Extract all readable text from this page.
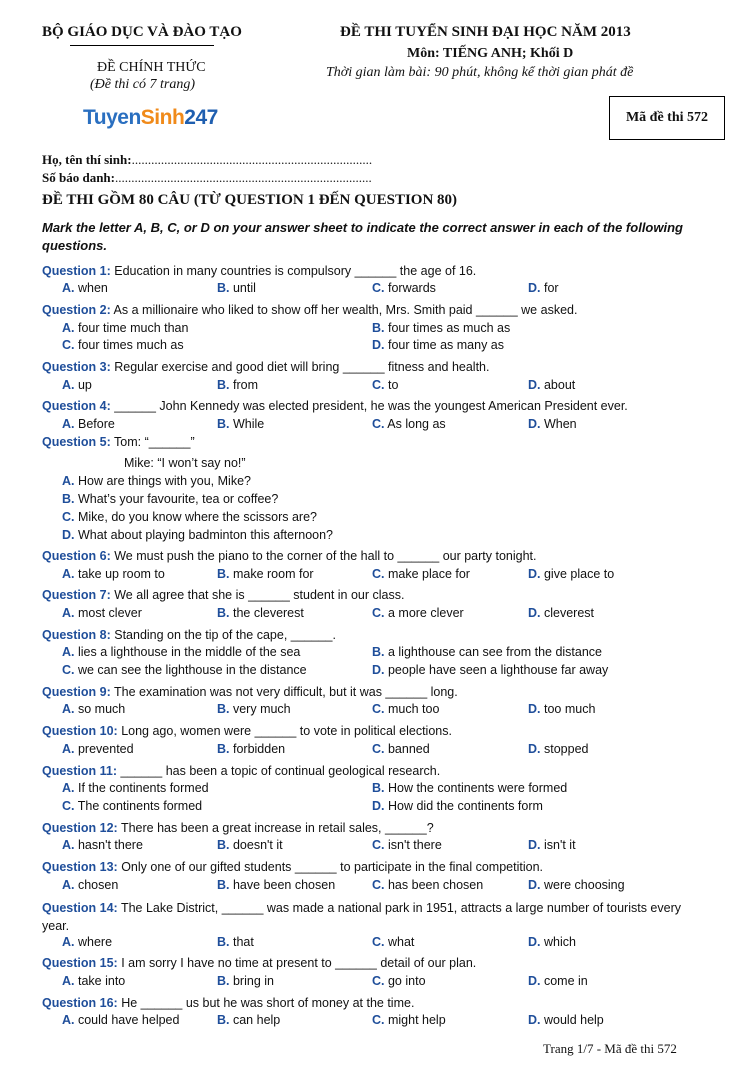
BỘ GIÁO DỤC VÀ ĐÀO TẠO
ĐỀ CHÍNH THỨC
(Đề thi có 7 trang)
TuyenSinh247
ĐỀ THI TUYỂN SINH ĐẠI HỌC NĂM 2013
Môn: TIẾNG ANH; Khối D
Thời gian làm bài: 90 phút, không kể thời gian phát đề
Mã đề thi 572
Họ, tên thí sinh:..........................................................................
Số báo danh:...............................................................................
ĐỀ THI GỒM 80 CÂU (TỪ QUESTION 1 ĐẾN QUESTION 80)
Mark the letter A, B, C, or D on your answer sheet to indicate the correct answer in each of the following questions.
Question 1: Education in many countries is compulsory ______ the age of 16.
A. when	B. until	C. forwards	D. for
Question 2: As a millionaire who liked to show off her wealth, Mrs. Smith paid ______ we asked.
A. four time much than	B. four times as much as
C. four times much as	D. four time as many as
Question 3: Regular exercise and good diet will bring ______ fitness and health.
A. up	B. from	C. to	D. about
Question 4: ______ John Kennedy was elected president, he was the youngest American President ever.
A. Before	B. While	C. As long as	D. When
Question 5: Tom: “______”
Mike: “I won’t say no!”
A. How are things with you, Mike?
B. What’s your favourite, tea or coffee?
C. Mike, do you know where the scissors are?
D. What about playing badminton this afternoon?
Question 6: We must push the piano to the corner of the hall to ______ our party tonight.
A. take up room to	B. make room for	C. make place for	D. give place to
Question 7: We all agree that she is ______ student in our class.
A. most clever	B. the cleverest	C. a more clever	D. cleverest
Question 8: Standing on the tip of the cape, ______.
A. lies a lighthouse in the middle of the sea	B. a lighthouse can see from the distance
C. we can see the lighthouse in the distance	D. people have seen a lighthouse far away
Question 9: The examination was not very difficult, but it was ______ long.
A. so much	B. very much	C. much too	D. too much
Question 10: Long ago, women were ______ to vote in political elections.
A. prevented	B. forbidden	C. banned	D. stopped
Question 11: ______ has been a topic of continual geological research.
A. If the continents formed	B. How the continents were formed
C. The continents formed	D. How did the continents form
Question 12: There has been a great increase in retail sales, ______?
A. hasn't there	B. doesn't it	C. isn't there	D. isn't it
Question 13: Only one of our gifted students ______ to participate in the final competition.
A. chosen	B. have been chosen	C. has been chosen	D. were choosing
Question 14: The Lake District, ______ was made a national park in 1951, attracts a large number of tourists every year.
A. where	B. that	C. what	D. which
Question 15: I am sorry I have no time at present to ______ detail of our plan.
A. take into	B. bring in	C. go into	D. come in
Question 16: He ______ us but he was short of money at the time.
A. could have helped	B. can help	C. might help	D. would help
Trang 1/7 - Mã đề thi 572
